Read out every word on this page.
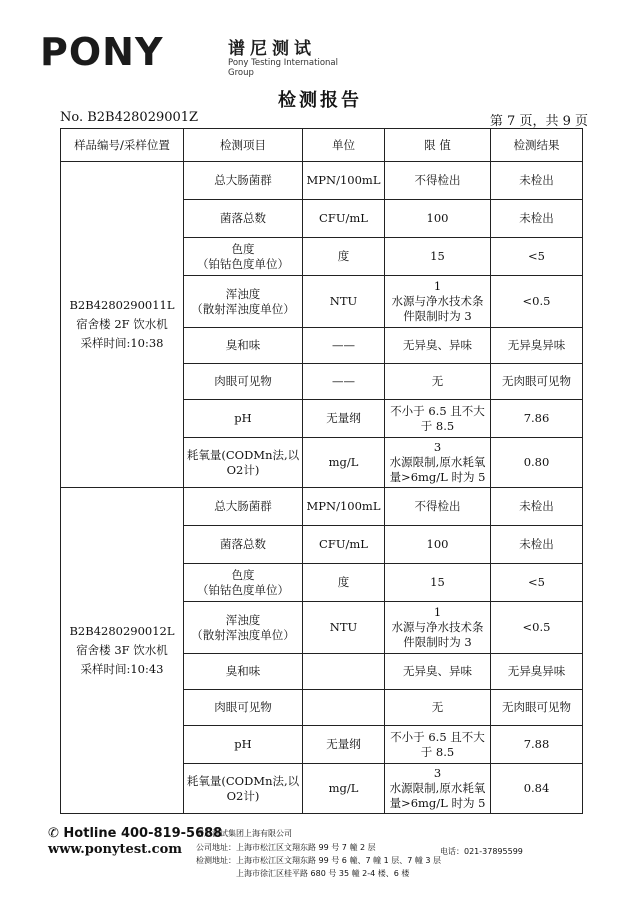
PONY	谱尼测试
Pony Testing International Group
检测报告
No. B2B428029001Z	第 7 页，共 9 页
样品编号/采样位置	检测项目	单位	限 值	检测结果

B2B4280290011L
宿舍楼 2F 饮水机
采样时间:10:38	总大肠菌群	MPN/100mL	不得检出	未检出
	菌落总数	CFU/mL	100	未检出
	色度
（铂钴色度单位）	度	15	<5
	浑浊度
（散射浑浊度单位）	NTU	1
水源与净水技术条
件限制时为 3	<0.5
	臭和味	——	无异臭、异味	无异臭异味
	肉眼可见物	——	无	无肉眼可见物
	pH	无量纲	不小于 6.5 且不大
于 8.5	7.86
	耗氧量(CODMn法,以
O2计)	mg/L	3
水源限制,原水耗氧
量>6mg/L 时为 5	0.80

B2B4280290012L
宿舍楼 3F 饮水机
采样时间:10:43	总大肠菌群	MPN/100mL	不得检出	未检出
	菌落总数	CFU/mL	100	未检出
	色度
（铂钴色度单位）	度	15	<5
	浑浊度
（散射浑浊度单位）	NTU	1
水源与净水技术条
件限制时为 3	<0.5
	臭和味		无异臭、异味	无异臭异味
	肉眼可见物		无	无肉眼可见物
	pH	无量纲	不小于 6.5 且不大
于 8.5	7.88
	耗氧量(CODMn法,以
O2计)	mg/L	3
水源限制,原水耗氧
量>6mg/L 时为 5	0.84
✆ Hotline 400-819-5688
www.ponytest.com
谱尼测试集团上海有限公司
公司地址：上海市松江区文翔东路 99 号 7 幢 2 层
检测地址：上海市松江区文翔东路 99 号 6 幢、7 幢 1 层、7 幢 3 层
上海市徐汇区桂平路 680 号 35 幢 2-4 楼、6 楼
电话：021-37895599
